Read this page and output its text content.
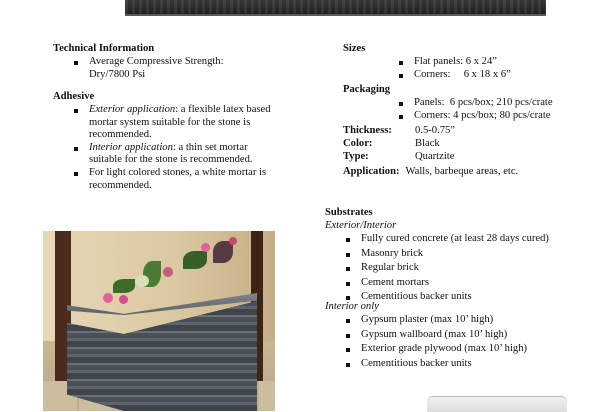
Technical Information
Average Compressive Strength:
Dry/7800 Psi
Adhesive
Exterior application: a flexible latex based
mortar system suitable for the stone is
recommended.
Interior application: a thin set mortar
suitable for the stone is recommended.
For light colored stones, a white mortar is
recommended.
Sizes
Flat panels: 6 x 24”
Corners:     6 x 18 x 6”
Packaging
Panels:  6 pcs/box; 210 pcs/crate
Corners: 4 pcs/box; 80 pcs/crate
Thickness: 0.5-0.75”
Color:	Black
Type:	Quartzite
Application: Walls, barbeque areas, etc.
Substrates
Exterior/Interior
Fully cured concrete (at least 28 days cured)
Masonry brick
Regular brick
Cement mortars
Cementitious backer units
Interior only
Gypsum plaster (max 10’ high)
Gypsum wallboard (max 10’ high)
Exterior grade plywood (max 10’ high)
Cementitious backer units
